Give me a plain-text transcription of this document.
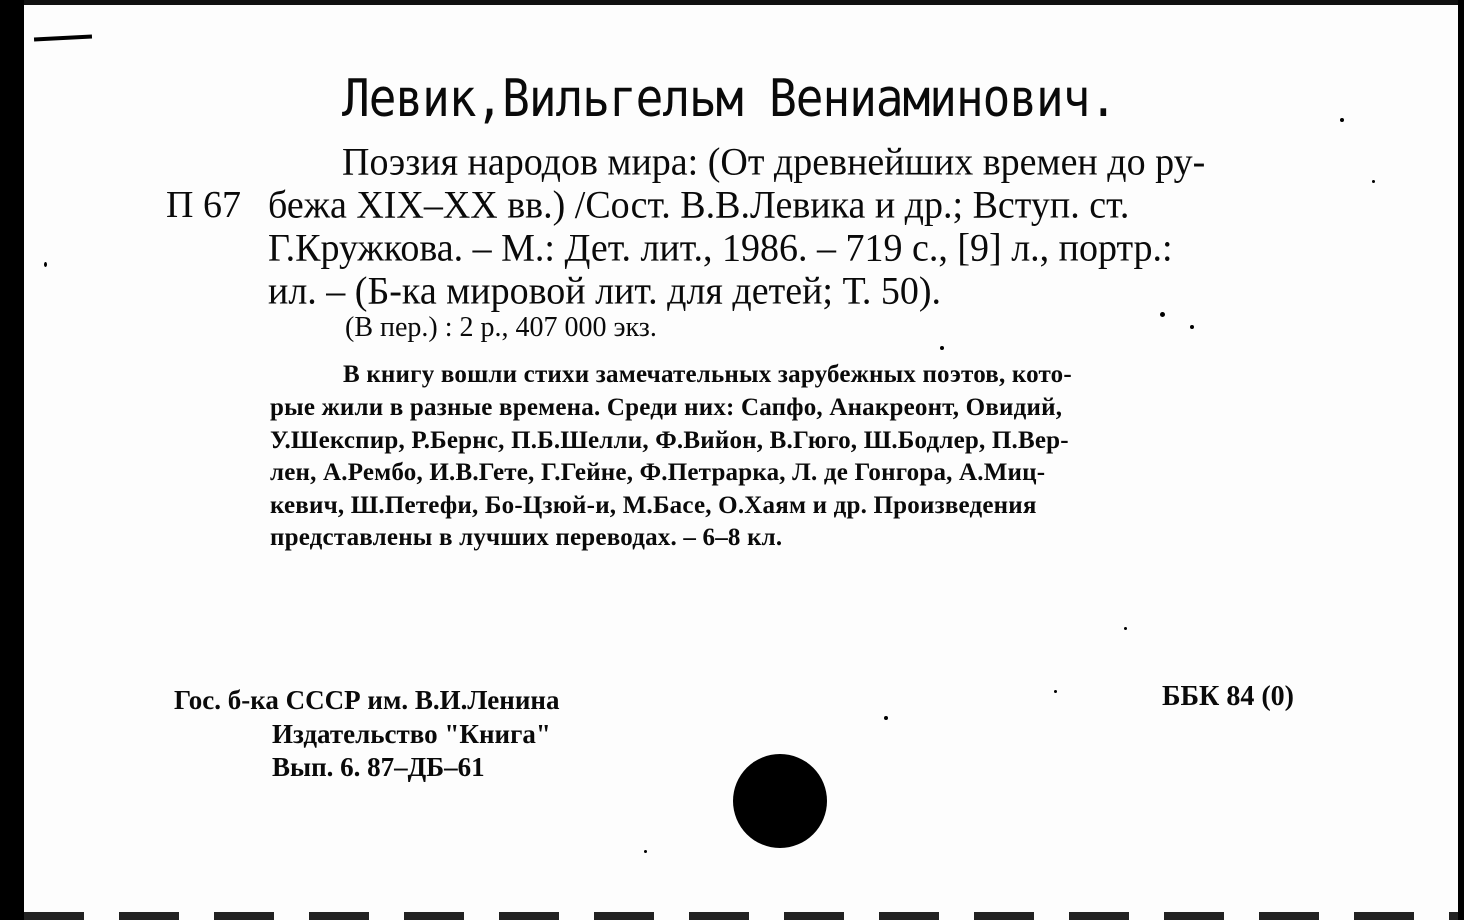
Левик,Вильгельм Вениаминович.
П 67
Поэзия народов мира: (От древнейших времен до ру-
бежа XIX–XX вв.) /Сост. В.В.Левика и др.; Вступ. ст.
Г.Кружкова. – М.: Дет. лит., 1986. – 719 с., [9] л., портр.:
ил. – (Б-ка мировой лит. для детей; Т. 50).
(В пер.) : 2 р., 407 000 экз.
В книгу вошли стихи замечательных зарубежных поэтов, кото-
рые жили в разные времена. Среди них: Сапфо, Анакреонт, Овидий,
У.Шекспир, Р.Бернс, П.Б.Шелли, Ф.Вийон, В.Гюго, Ш.Бодлер, П.Вер-
лен, А.Рембо, И.В.Гете, Г.Гейне, Ф.Петрарка, Л. де Гонгора, А.Миц-
кевич, Ш.Петефи, Бо-Цзюй-и, М.Басе, О.Хаям и др. Произведения
представлены в лучших переводах. – 6–8 кл.
Гос. б-ка СССР им. В.И.Ленина
Издательство "Книга"
Вып. 6. 87–ДБ–61
ББК 84 (0)
